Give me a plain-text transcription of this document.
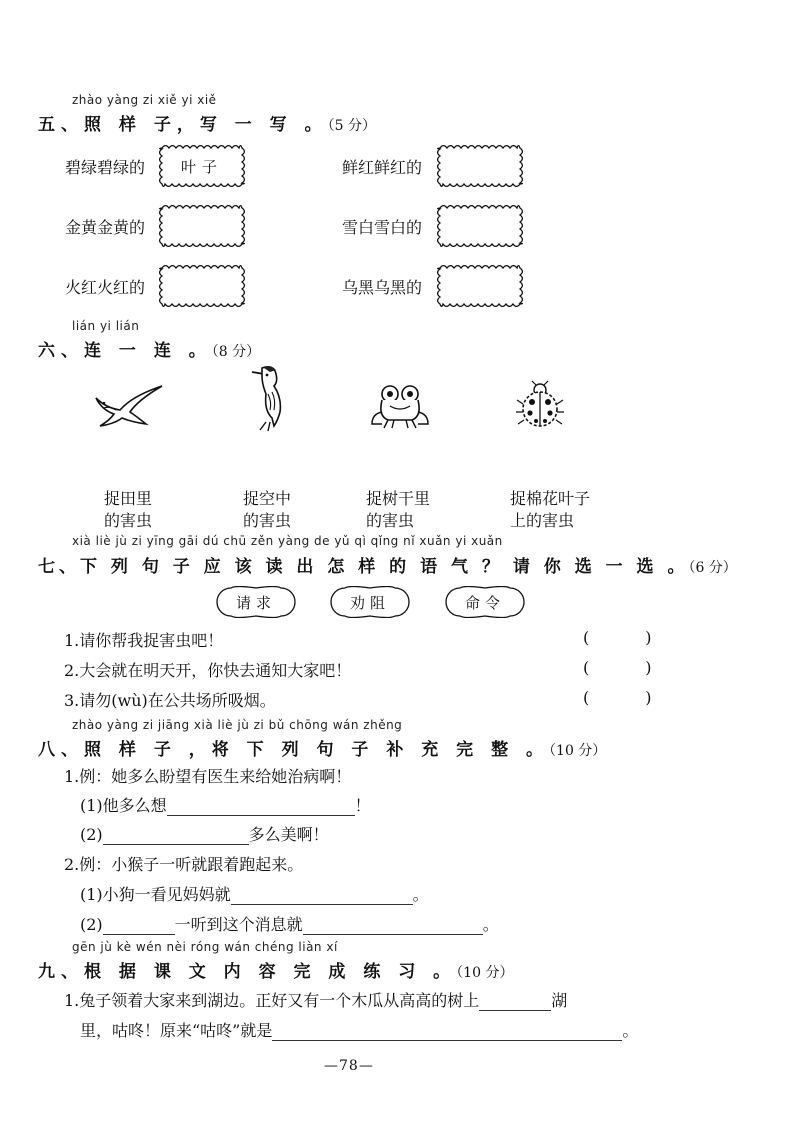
zhào yàng zi xiě yi xiě
五、照 样 子，写 一 写 。（5 分）
碧绿碧绿的	叶子	鲜红鲜红的
金黄金黄的	雪白雪白的
火红火红的	乌黑乌黑的
lián yi lián
六、连 一 连 。（8 分）
捉田里
的害虫
捉空中
的害虫
捉树干里
的害虫
捉棉花叶子
上的害虫
xià liè jù zi yīng gāi dú chū zěn yàng de yǔ qì qǐng nǐ xuǎn yi xuǎn
七、下 列 句 子 应 该 读 出 怎 样 的 语 气 ？ 请 你 选 一 选 。（6 分）
请求	劝阻	命令
1.请你帮我捉害虫吧！	(	)
2.大会就在明天开，你快去通知大家吧！	(	)
3.请勿(wù)在公共场所吸烟。	(	)
zhào yàng zi jiāng xià liè jù zi bǔ chōng wán zhěng
八、照 样 子 ，将 下 列 句 子 补 充 完 整 。（10 分）
1.例：她多么盼望有医生来给她治病啊！
(1)他多么想	！
(2)	多么美啊！
2.例：小猴子一听就跟着跑起来。
(1)小狗一看见妈妈就	。
(2)	一听到这个消息就	。
gēn jù kè wén nèi róng wán chéng liàn xí
九、根 据 课 文 内 容 完 成 练 习 。（10 分）
1.兔子领着大家来到湖边。正好又有一个木瓜从高高的树上	湖
里，咕咚！原来“咕咚”就是	。
—78—
